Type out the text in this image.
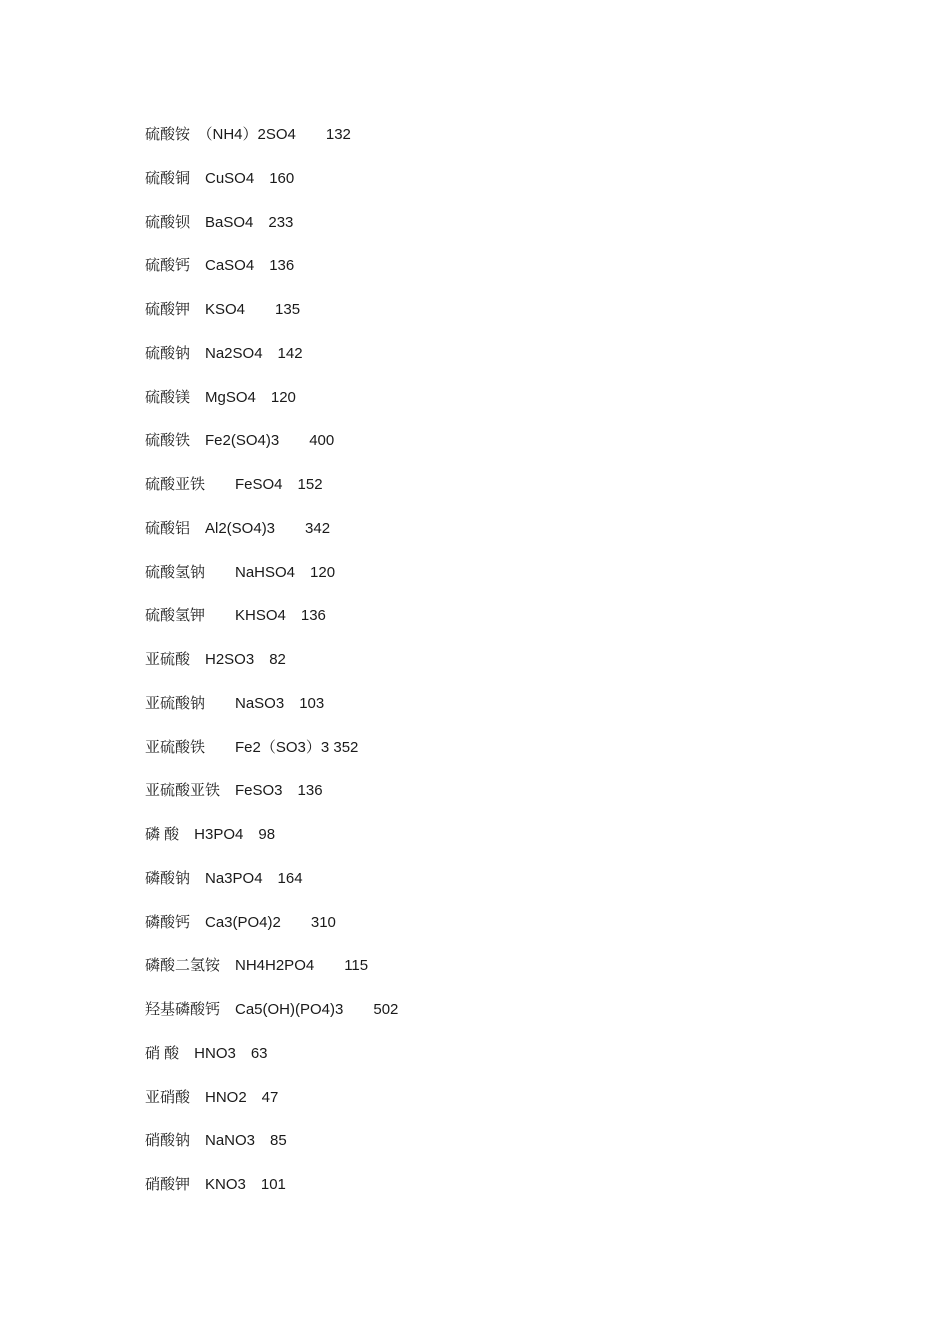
硫酸铵　（NH4）2SO4　　132
硫酸铜　CuSO4　160
硫酸钡　BaSO4　233
硫酸钙　CaSO4　136
硫酸钾　KSO4　　135
硫酸钠　Na2SO4　142
硫酸镁　MgSO4　120
硫酸铁　Fe2(SO4)3　　400
硫酸亚铁　　FeSO4　152
硫酸铝　Al2(SO4)3　　342
硫酸氢钠　　NaHSO4　120
硫酸氢钾　　KHSO4　136
亚硫酸　H2SO3　82
亚硫酸钠　　NaSO3　103
亚硫酸铁　　Fe2（SO3）3 352
亚硫酸亚铁　FeSO3　136
磷 酸　H3PO4　98
磷酸钠　Na3PO4　164
磷酸钙　Ca3(PO4)2　　310
磷酸二氢铵　NH4H2PO4　　115
羟基磷酸钙　Ca5(OH)(PO4)3　　502
硝 酸　HNO3　63
亚硝酸　HNO2　47
硝酸钠　NaNO3　85
硝酸钾　KNO3　101
